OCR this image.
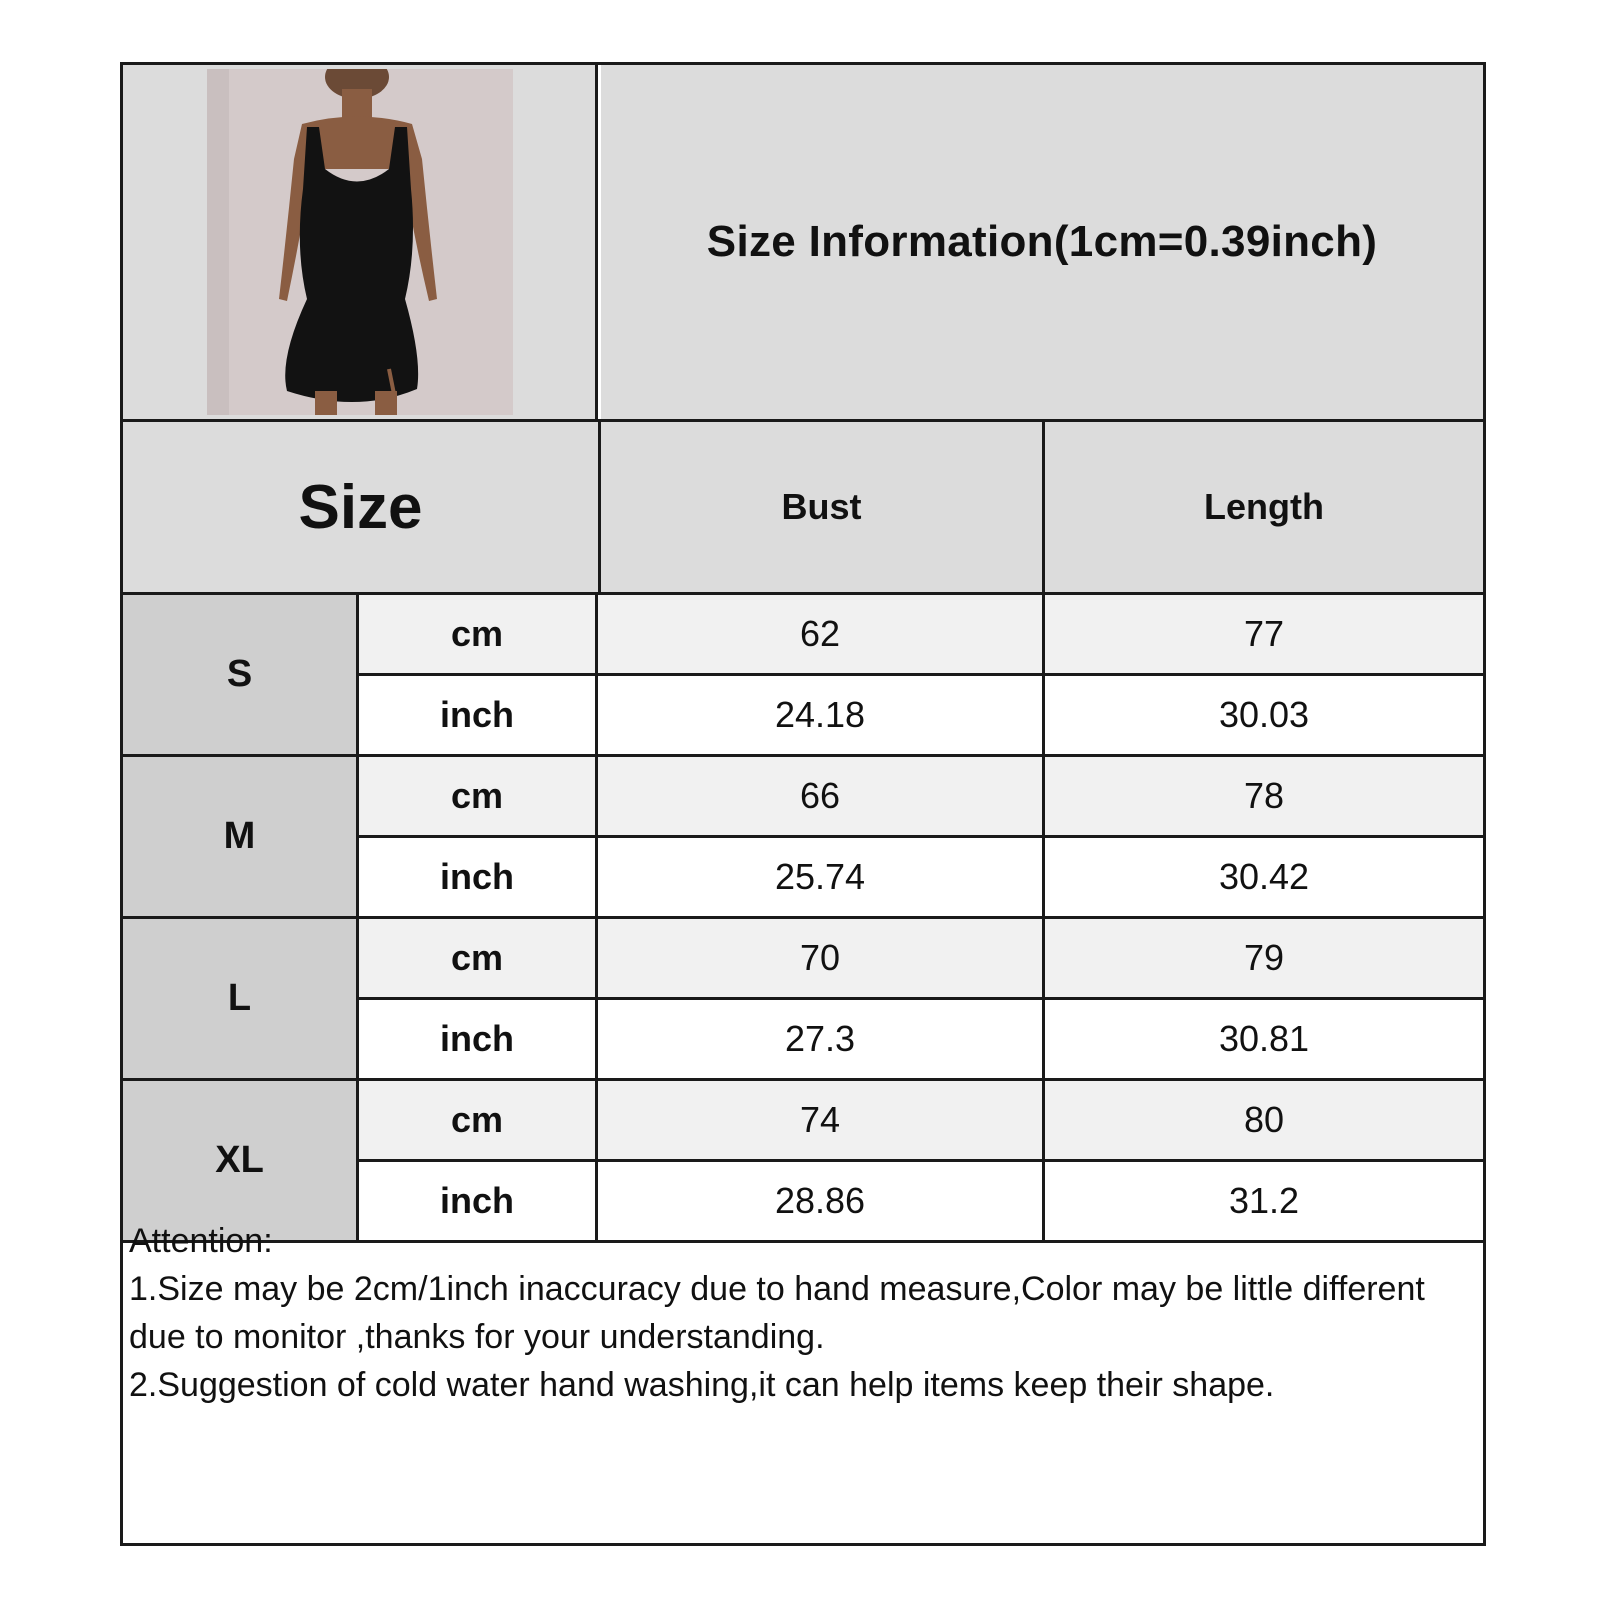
Size Information(1cm=0.39inch)
Size	Bust	Length
S
cm	62	77
inch	24.18	30.03
M
cm	66	78
inch	25.74	30.42
L
cm	70	79
inch	27.3	30.81
XL
cm	74	80
inch	28.86	31.2

Attention:

1.Size may be 2cm/1inch inaccuracy due to hand measure,Color may be little different due to monitor ,thanks for your understanding.

2.Suggestion of cold water hand washing,it can help items keep their shape.
